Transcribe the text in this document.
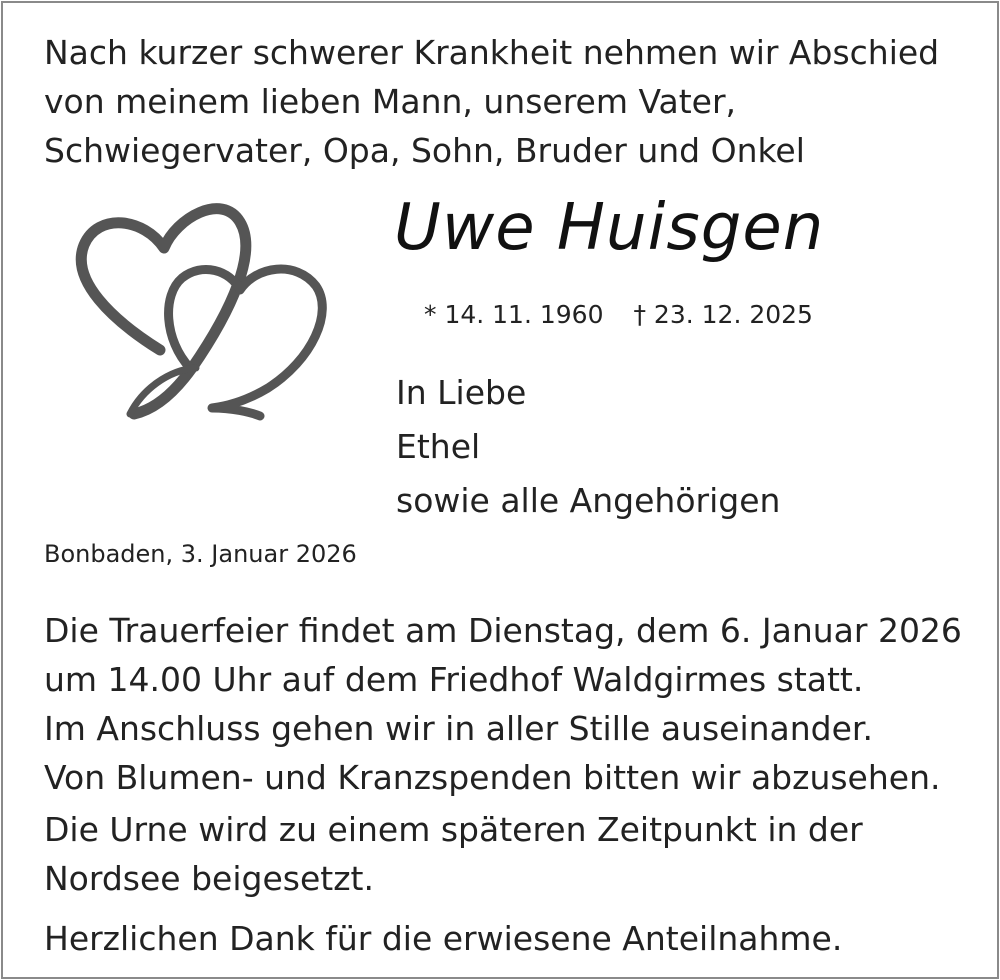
Nach kurzer schwerer Krankheit nehmen wir Abschied
von meinem lieben Mann, unserem Vater,
Schwiegervater, Opa, Sohn, Bruder und Onkel

Uwe Huisgen
* 14. 11. 1960 † 23. 12. 2025
In Liebe
Ethel
sowie alle Angehörigen

Bonbaden, 3. Januar 2026

Die Trauerfeier findet am Dienstag, dem 6. Januar 2026
um 14.00 Uhr auf dem Friedhof Waldgirmes statt.
Im Anschluss gehen wir in aller Stille auseinander.
Von Blumen- und Kranzspenden bitten wir abzusehen.

Die Urne wird zu einem späteren Zeitpunkt in der
Nordsee beigesetzt.

Herzlichen Dank für die erwiesene Anteilnahme.
